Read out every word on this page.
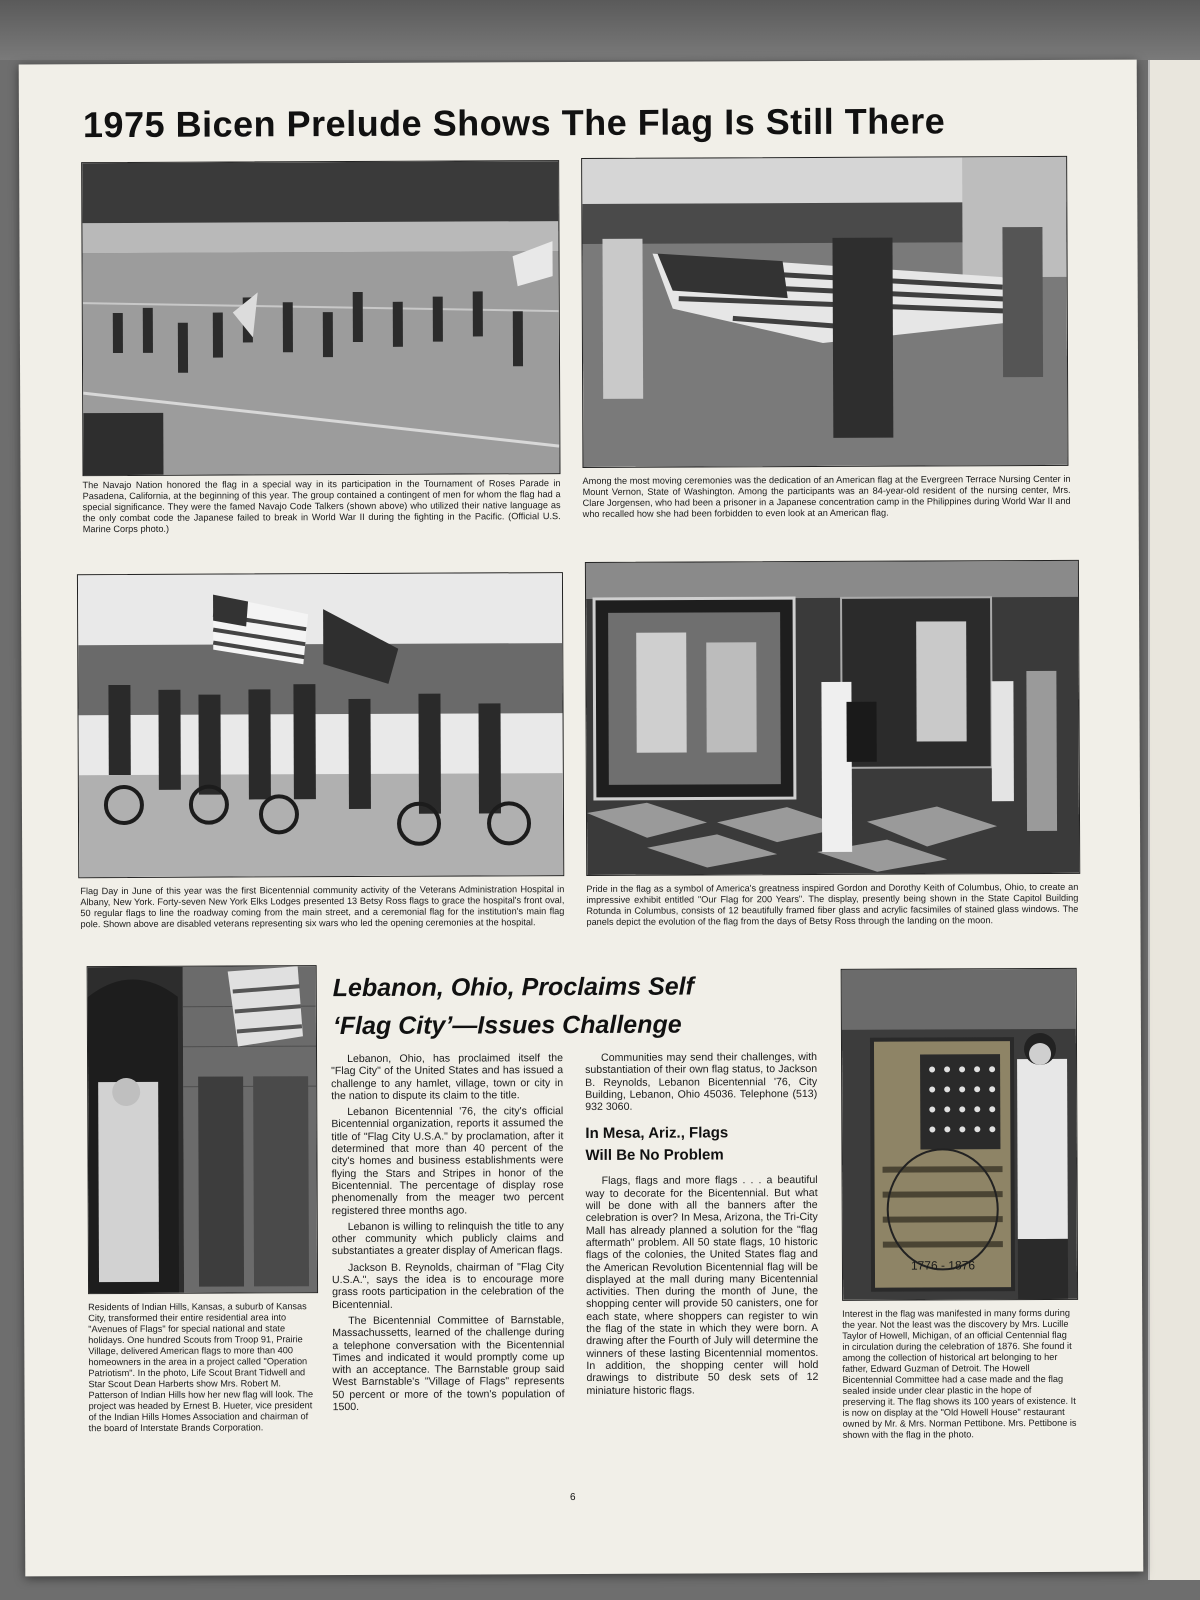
1975 Bicen Prelude Shows The Flag Is Still There
The Navajo Nation honored the flag in a special way in its participation in the Tournament of Roses Parade in Pasadena, California, at the beginning of this year. The group contained a contingent of men for whom the flag had a special significance. They were the famed Navajo Code Talkers (shown above) who utilized their native language as the only combat code the Japanese failed to break in World War II during the fighting in the Pacific. (Official U.S. Marine Corps photo.)
Among the most moving ceremonies was the dedication of an American flag at the Evergreen Terrace Nursing Center in Mount Vernon, State of Washington. Among the participants was an 84-year-old resident of the nursing center, Mrs. Clare Jorgensen, who had been a prisoner in a Japanese concentration camp in the Philippines during World War II and who recalled how she had been forbidden to even look at an American flag.
Flag Day in June of this year was the first Bicentennial community activity of the Veterans Administration Hospital in Albany, New York. Forty-seven New York Elks Lodges presented 13 Betsy Ross flags to grace the hospital's front oval, 50 regular flags to line the roadway coming from the main street, and a ceremonial flag for the institution's main flag pole. Shown above are disabled veterans representing six wars who led the opening ceremonies at the hospital.
Pride in the flag as a symbol of America's greatness inspired Gordon and Dorothy Keith of Columbus, Ohio, to create an impressive exhibit entitled "Our Flag for 200 Years". The display, presently being shown in the State Capitol Building Rotunda in Columbus, consists of 12 beautifully framed fiber glass and acrylic facsimiles of stained glass windows. The panels depict the evolution of the flag from the days of Betsy Ross through the landing on the moon.
Residents of Indian Hills, Kansas, a suburb of Kansas City, transformed their entire residential area into "Avenues of Flags" for special national and state holidays. One hundred Scouts from Troop 91, Prairie Village, delivered American flags to more than 400 homeowners in the area in a project called "Operation Patriotism". In the photo, Life Scout Brant Tidwell and Star Scout Dean Harberts show Mrs. Robert M. Patterson of Indian Hills how her new flag will look. The project was headed by Ernest B. Hueter, vice president of the Indian Hills Homes Association and chairman of the board of Interstate Brands Corporation.
Lebanon, Ohio, Proclaims Self
‘Flag City’—Issues Challenge

Lebanon, Ohio, has proclaimed itself the "Flag City" of the United States and has issued a challenge to any hamlet, village, town or city in the nation to dispute its claim to the title.

Lebanon Bicentennial '76, the city's official Bicentennial organization, reports it assumed the title of "Flag City U.S.A." by proclamation, after it determined that more than 40 percent of the city's homes and business establishments were flying the Stars and Stripes in honor of the Bicentennial. The percentage of display rose phenomenally from the meager two percent registered three months ago.

Lebanon is willing to relinquish the title to any other community which publicly claims and substantiates a greater display of American flags.

Jackson B. Reynolds, chairman of "Flag City U.S.A.", says the idea is to encourage more grass roots participation in the celebration of the Bicentennial.

The Bicentennial Committee of Barnstable, Massachussetts, learned of the challenge during a telephone conversation with the Bicentennial Times and indicated it would promptly come up with an acceptance. The Barnstable group said West Barnstable's "Village of Flags" represents 50 percent or more of the town's population of 1500.

Communities may send their challenges, with substantiation of their own flag status, to Jackson B. Reynolds, Lebanon Bicentennial '76, City Building, Lebanon, Ohio 45036. Telephone (513) 932 3060.

In Mesa, Ariz., Flags
Will Be No Problem

Flags, flags and more flags . . . a beautiful way to decorate for the Bicentennial. But what will be done with all the banners after the celebration is over? In Mesa, Arizona, the Tri-City Mall has already planned a solution for the "flag aftermath" problem. All 50 state flags, 10 historic flags of the colonies, the United States flag and the American Revolution Bicentennial flag will be displayed at the mall during many Bicentennial activities. Then during the month of June, the shopping center will provide 50 canisters, one for each state, where shoppers can register to win the flag of the state in which they were born. A drawing after the Fourth of July will determine the winners of these lasting Bicentennial momentos. In addition, the shopping center will hold drawings to distribute 50 desk sets of 12 miniature historic flags.

1776 - 1876
Interest in the flag was manifested in many forms during the year. Not the least was the discovery by Mrs. Lucille Taylor of Howell, Michigan, of an official Centennial flag in circulation during the celebration of 1876. She found it among the collection of historical art belonging to her father, Edward Guzman of Detroit. The Howell Bicentennial Committee had a case made and the flag sealed inside under clear plastic in the hope of preserving it. The flag shows its 100 years of existence. It is now on display at the "Old Howell House" restaurant owned by Mr. & Mrs. Norman Pettibone. Mrs. Pettibone is shown with the flag in the photo.
6
